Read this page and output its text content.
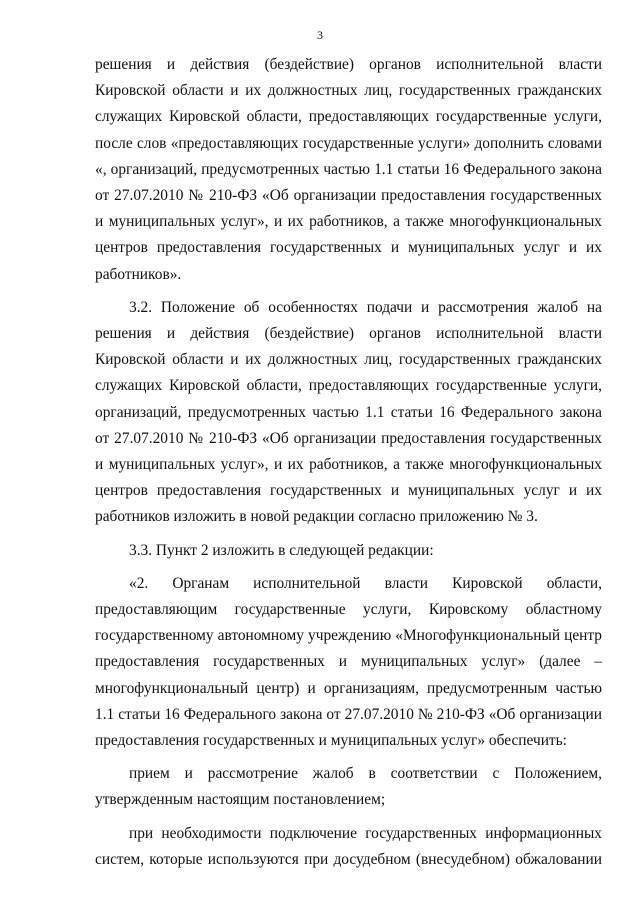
3

решения и действия (бездействие) органов исполнительной власти Кировской области и их должностных лиц, государственных гражданских служащих Кировской области, предоставляющих государственные услуги, после слов «предоставляющих государственные услуги» дополнить словами «, организаций, предусмотренных частью 1.1 статьи 16 Федерального закона от 27.07.2010 № 210-ФЗ «Об организации предоставления государственных и муниципальных услуг», и их работников, а также многофункциональных центров предоставления государственных и муниципальных услуг и их работников».

3.2. Положение об особенностях подачи и рассмотрения жалоб на решения и действия (бездействие) органов исполнительной власти Кировской области и их должностных лиц, государственных гражданских служащих Кировской области, предоставляющих государственные услуги, организаций, предусмотренных частью 1.1 статьи 16 Федерального закона от 27.07.2010 № 210-ФЗ «Об организации предоставления государственных и муниципальных услуг», и их работников, а также многофункциональных центров предоставления государственных и муниципальных услуг и их работников изложить в новой редакции согласно приложению № 3.

3.3. Пункт 2 изложить в следующей редакции:

«2. Органам исполнительной власти Кировской области, предоставляющим государственные услуги, Кировскому областному государственному автономному учреждению «Многофункциональный центр предоставления государственных и муниципальных услуг» (далее – многофункциональный центр) и организациям, предусмотренным частью 1.1 статьи 16 Федерального закона от 27.07.2010 № 210-ФЗ «Об организации предоставления государственных и муниципальных услуг» обеспечить:

прием и рассмотрение жалоб в соответствии с Положением, утвержденным настоящим постановлением;

при необходимости подключение государственных информационных систем, которые используются при досудебном (внесудебном) обжаловании
